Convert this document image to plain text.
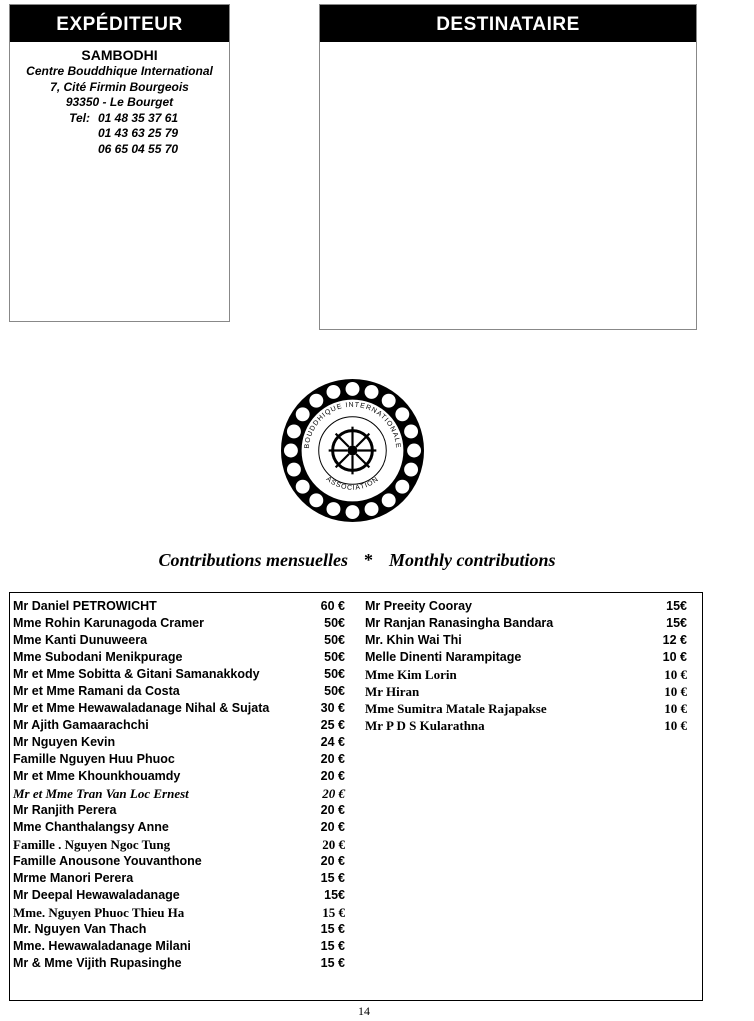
EXPÉDITEUR
SAMBODHI
Centre Bouddhique International
7, Cité Firmin Bourgeois
93350 - Le Bourget
Tel: 01 48 35 37 61
01 43 63 25 79
06 65 04 55 70
DESTINATAIRE
BOUDDHIQUE INTERNATIONALE
ASSOCIATION
Contributions mensuelles * Monthly contributions
Mr Daniel PETROWICHT	60 €
Mme Rohin Karunagoda Cramer	50€
Mme Kanti Dunuweera	50€
Mme Subodani Menikpurage	50€
Mr et Mme Sobitta & Gitani Samanakkody	50€
Mr et Mme Ramani da Costa	50€
Mr et Mme Hewawaladanage Nihal & Sujata	30 €
Mr Ajith Gamaarachchi	25 €
Mr Nguyen Kevin	24 €
Famille Nguyen Huu Phuoc	20 €
Mr et Mme Khounkhouamdy	20 €
Mr et Mme Tran Van Loc Ernest	20 €
Mr Ranjith Perera	20 €
Mme Chanthalangsy Anne	20 €
Famille . Nguyen Ngoc Tung	20 €
Famille Anousone Youvanthone	20 €
Mrme Manori Perera	15 €
Mr Deepal Hewawaladanage	15€
Mme. Nguyen Phuoc Thieu Ha	15 €
Mr. Nguyen Van Thach	15 €
Mme. Hewawaladanage Milani	15 €
Mr & Mme Vijith Rupasinghe	15 €
Mr Preeity Cooray	15€
Mr Ranjan Ranasingha Bandara	15€
Mr. Khin Wai Thi	12 €
Melle Dinenti Narampitage	10 €
Mme Kim Lorin	10 €
Mr Hiran	10 €
Mme Sumitra Matale Rajapakse	10 €
Mr P D S Kularathna	10 €
14
